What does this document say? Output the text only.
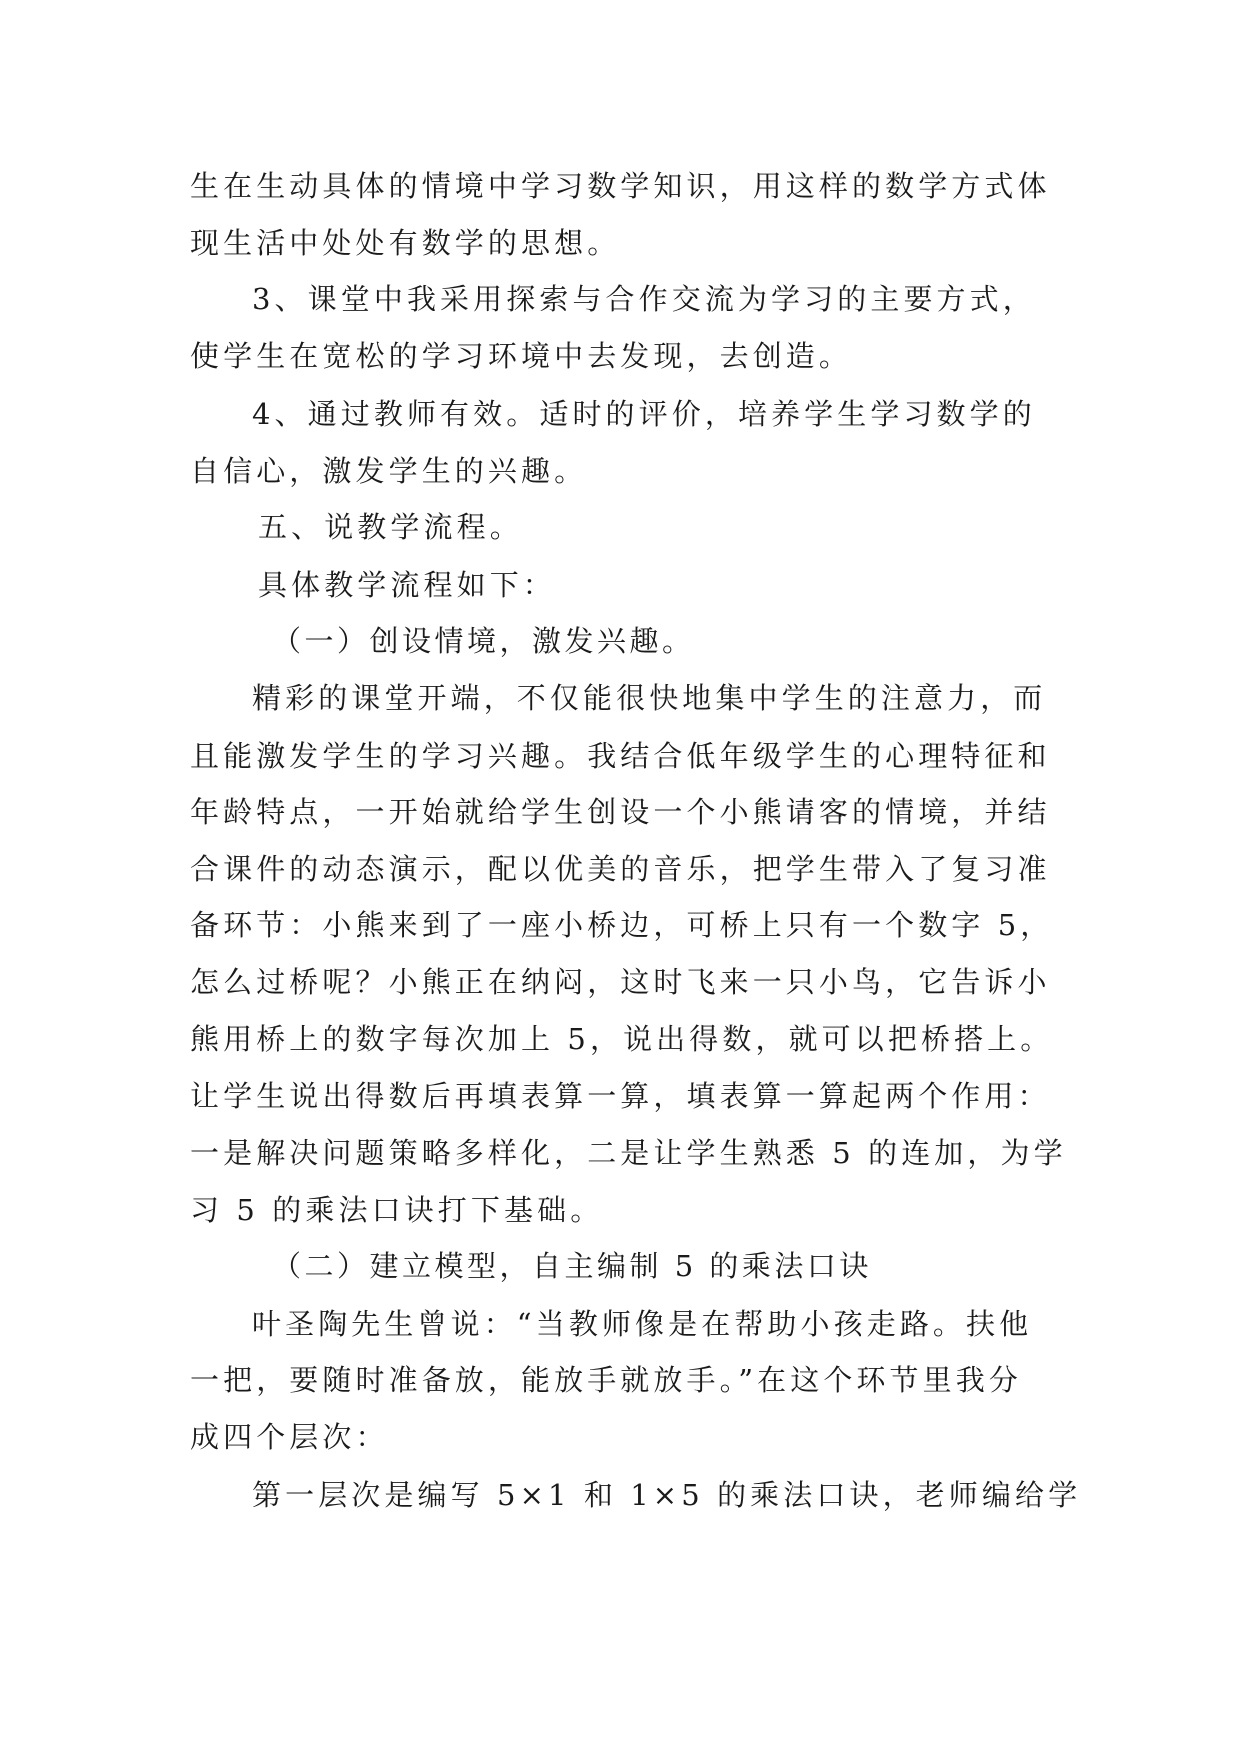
生在生动具体的情境中学习数学知识，用这样的数学方式体
现生活中处处有数学的思想。
3、课堂中我采用探索与合作交流为学习的主要方式，
使学生在宽松的学习环境中去发现，去创造。
4、通过教师有效。适时的评价，培养学生学习数学的
自信心，激发学生的兴趣。
五、说教学流程。
具体教学流程如下：
（一）创设情境，激发兴趣。
精彩的课堂开端，不仅能很快地集中学生的注意力，而
且能激发学生的学习兴趣。我结合低年级学生的心理特征和
年龄特点，一开始就给学生创设一个小熊请客的情境，并结
合课件的动态演示，配以优美的音乐，把学生带入了复习准
备环节：小熊来到了一座小桥边，可桥上只有一个数字 5，
怎么过桥呢？小熊正在纳闷，这时飞来一只小鸟，它告诉小
熊用桥上的数字每次加上 5，说出得数，就可以把桥搭上。
让学生说出得数后再填表算一算，填表算一算起两个作用：
一是解决问题策略多样化，二是让学生熟悉 5 的连加，为学
习 5 的乘法口诀打下基础。
（二）建立模型，自主编制 5 的乘法口诀
叶圣陶先生曾说：“当教师像是在帮助小孩走路。扶他
一把，要随时准备放，能放手就放手。”在这个环节里我分
成四个层次：
第一层次是编写 5×1 和 1×5 的乘法口诀，老师编给学
